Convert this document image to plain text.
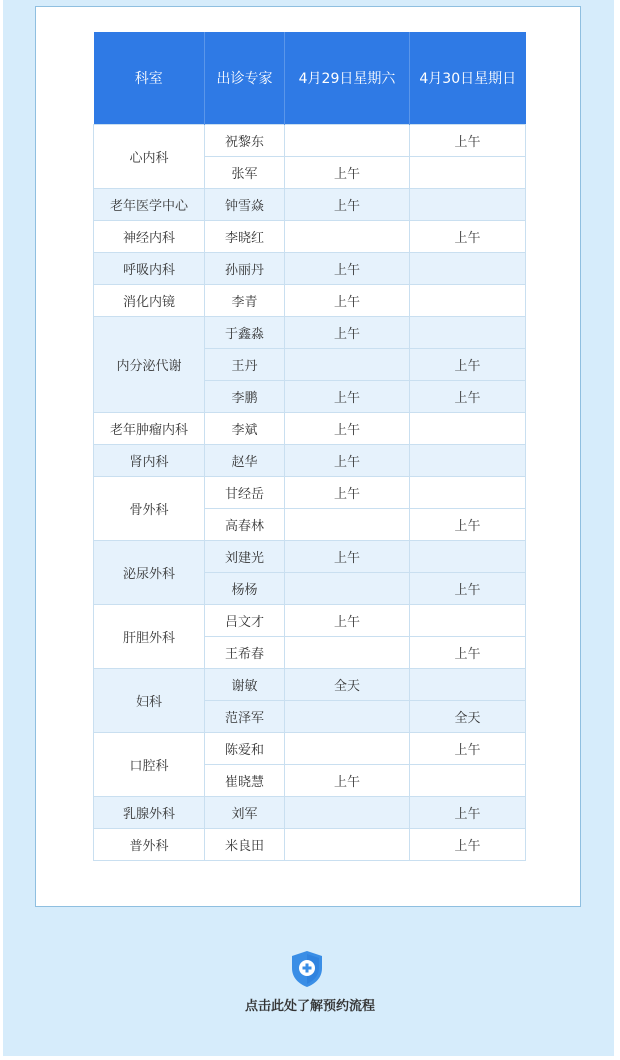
科室	出诊专家	4月29日星期六	4月30日星期日
心内科	祝黎东		上午
	张军	上午	
老年医学中心	钟雪焱	上午	
神经内科	李晓红		上午
呼吸内科	孙丽丹	上午	
消化内镜	李青	上午	
内分泌代谢	于鑫淼	上午	
	王丹		上午
	李鹏	上午	上午
老年肿瘤内科	李斌	上午	
肾内科	赵华	上午	
骨外科	甘经岳	上午	
	高春林		上午
泌尿外科	刘建光	上午	
	杨杨		上午
肝胆外科	吕文才	上午	
	王希春		上午
妇科	谢敏	全天	
	范泽军		全天
口腔科	陈爱和		上午
	崔晓慧	上午	
乳腺外科	刘军		上午
普外科	米良田		上午
点击此处了解预约流程
